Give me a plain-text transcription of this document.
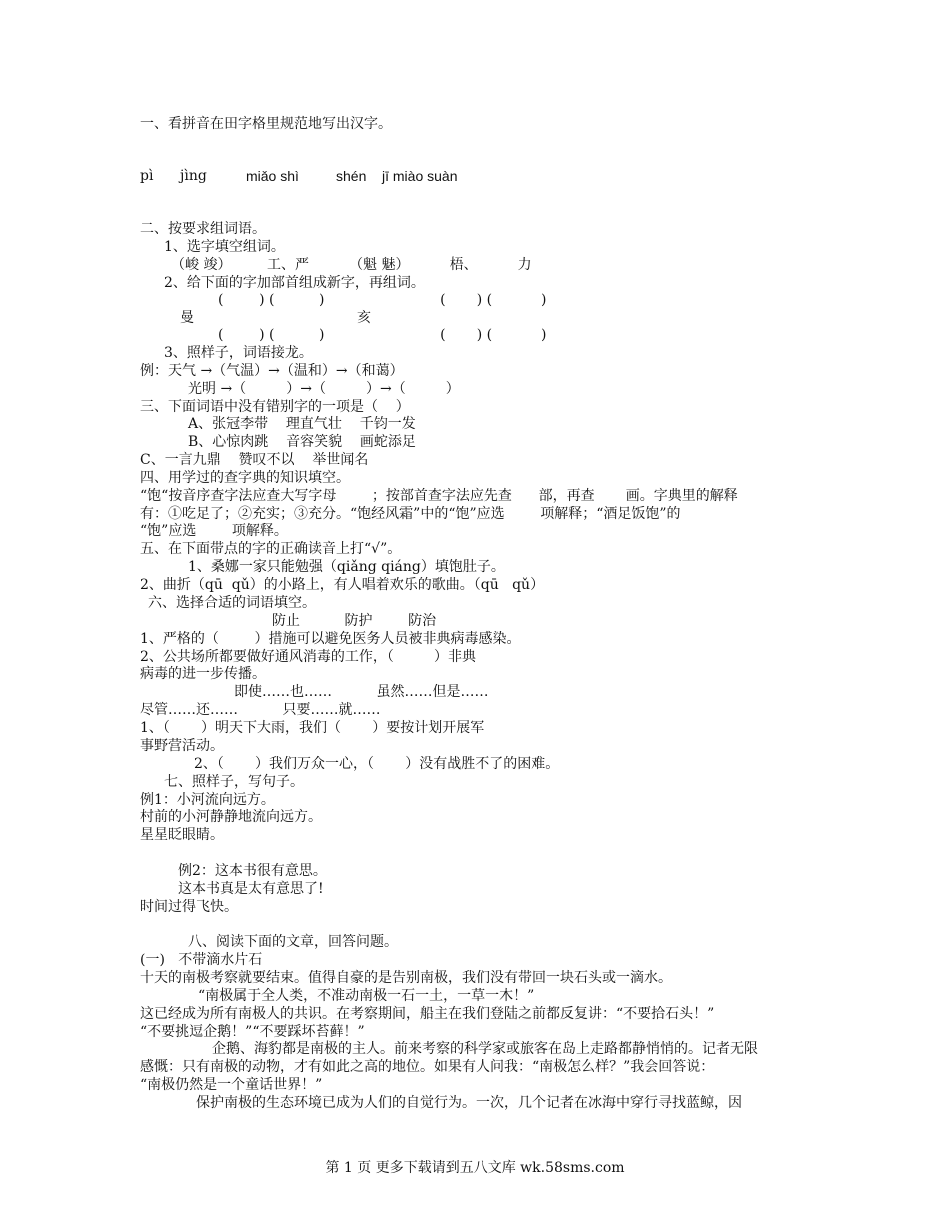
一、看拼音在田字格里规范地写出汉字。
pì jìng	miǎo shì	shén jī miào suàn
二、按要求组词语。
1、选字填空组词。
（峻 竣）        工、严         （魁 魅）         梧、         力
2、给下面的字加部首组成新字，再组词。
(        ) (          )                          (       ) (           )
曼	亥
(        ) (          )                          (       ) (           )
3、照样子，词语接龙。
例：天气 →（气温）→（温和）→（和蔼）
光明 →（         ）→（         ）→（         ）
三、下面词语中没有错别字的一项是（    ）
A、张冠李带    理直气壮    千钧一发
B、心惊肉跳    音容笑貌    画蛇添足
C、一言九鼎    赞叹不以    举世闻名
四、用学过的查字典的知识填空。
“饱“按音序查字法应查大写字母        ；按部首查字法应先查      部，再查       画。字典里的解释
有：①吃足了；②充实；③充分。“饱经风霜”中的“饱”应选        项解释；“酒足饭饱”的
“饱”应选        项解释。
五、在下面带点的字的正确读音上打“√”。
1、桑娜一家只能勉强（qiǎng qiáng）填饱肚子。
2、曲折（qū  qǔ）的小路上，有人唱着欢乐的歌曲。（qū   qǔ）
六、选择合适的词语填空。
防止          防护        防治
1、严格的（        ）措施可以避免医务人员被非典病毒感染。
2、公共场所都要做好通风消毒的工作，（         ）非典
病毒的进一步传播。
即使……也……          虽然……但是……
尽管……还……          只要……就……
1、（       ）明天下大雨，我们（       ）要按计划开展军
事野营活动。
2、（       ）我们万众一心，（       ）没有战胜不了的困难。
七、照样子，写句子。
例1：小河流向远方。
村前的小河静静地流向远方。
星星眨眼睛。
例2：这本书很有意思。
这本书真是太有意思了!
时间过得飞快。
八、阅读下面的文章，回答问题。
(一)   不带滴水片石
十天的南极考察就要结束。值得自豪的是告别南极，我们没有带回一块石头或一滴水。
“南极属于全人类，不准动南极一石一土，一草一木！”
这已经成为所有南极人的共识。在考察期间，船主在我们登陆之前都反复讲：“不要拾石头！”
“不要挑逗企鹅！”“不要踩坏苔藓！”
企鹅、海豹都是南极的主人。前来考察的科学家或旅客在岛上走路都静悄悄的。记者无限
感慨：只有南极的动物，才有如此之高的地位。如果有人问我：“南极怎么样？”我会回答说：
“南极仍然是一个童话世界！”
保护南极的生态环境已成为人们的自觉行为。一次，几个记者在冰海中穿行寻找蓝鲸，因
第 1 页 更多下载请到五八文库 wk.58sms.com
